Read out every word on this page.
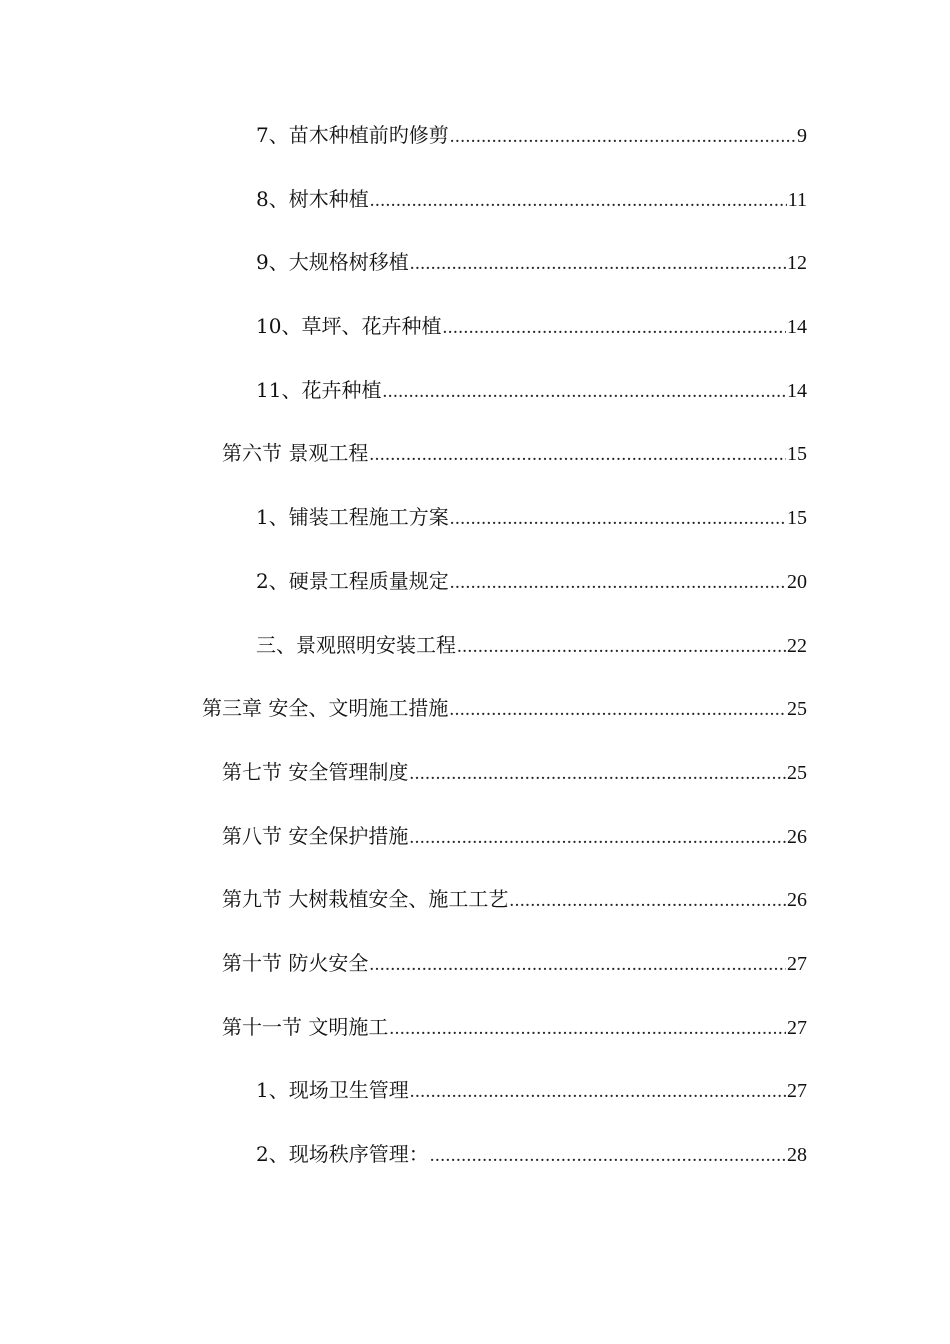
7、苗木种植前旳修剪 .....	9
8、树木种植 .....	11
9、大规格树移植 .....	12
10、草坪、花卉种植 .....	14
11、花卉种植 .....	14
第六节 景观工程 .....	15
1、铺装工程施工方案 .....	15
2、硬景工程质量规定 .....	20
三、景观照明安装工程 .....	22
第三章 安全、文明施工措施 .....	25
第七节 安全管理制度 .....	25
第八节 安全保护措施 .....	26
第九节 大树栽植安全、施工工艺 .....	26
第十节 防火安全 .....	27
第十一节 文明施工 .....	27
1、现场卫生管理 .....	27
2、现场秩序管理： .....	28
